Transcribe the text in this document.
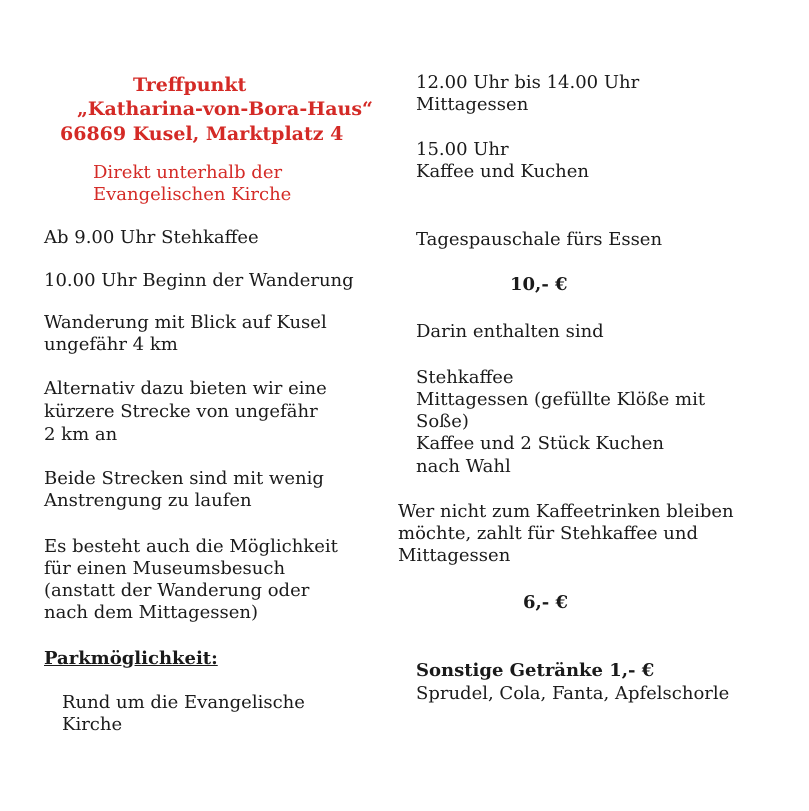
Treffpunkt
„Katharina-von-Bora-Haus“
66869 Kusel, Marktplatz 4
Direkt unterhalb der
Evangelischen Kirche
Ab 9.00 Uhr Stehkaffee
10.00 Uhr Beginn der Wanderung
Wanderung mit Blick auf Kusel
ungefähr 4 km
Alternativ dazu bieten wir eine
kürzere Strecke von ungefähr
2 km an
Beide Strecken sind mit wenig
Anstrengung zu laufen
Es besteht auch die Möglichkeit
für einen Museumsbesuch
(anstatt der Wanderung oder
nach dem Mittagessen)
Parkmöglichkeit:
Rund um die Evangelische
Kirche
12.00 Uhr bis 14.00 Uhr
Mittagessen
15.00 Uhr
Kaffee und Kuchen
Tagespauschale fürs Essen
10,- €
Darin enthalten sind
Stehkaffee
Mittagessen (gefüllte Klöße mit
Soße)
Kaffee und 2 Stück Kuchen
nach Wahl
Wer nicht zum Kaffeetrinken bleiben
möchte, zahlt für Stehkaffee und
Mittagessen
6,- €
Sonstige Getränke 1,- €
Sprudel, Cola, Fanta, Apfelschorle
